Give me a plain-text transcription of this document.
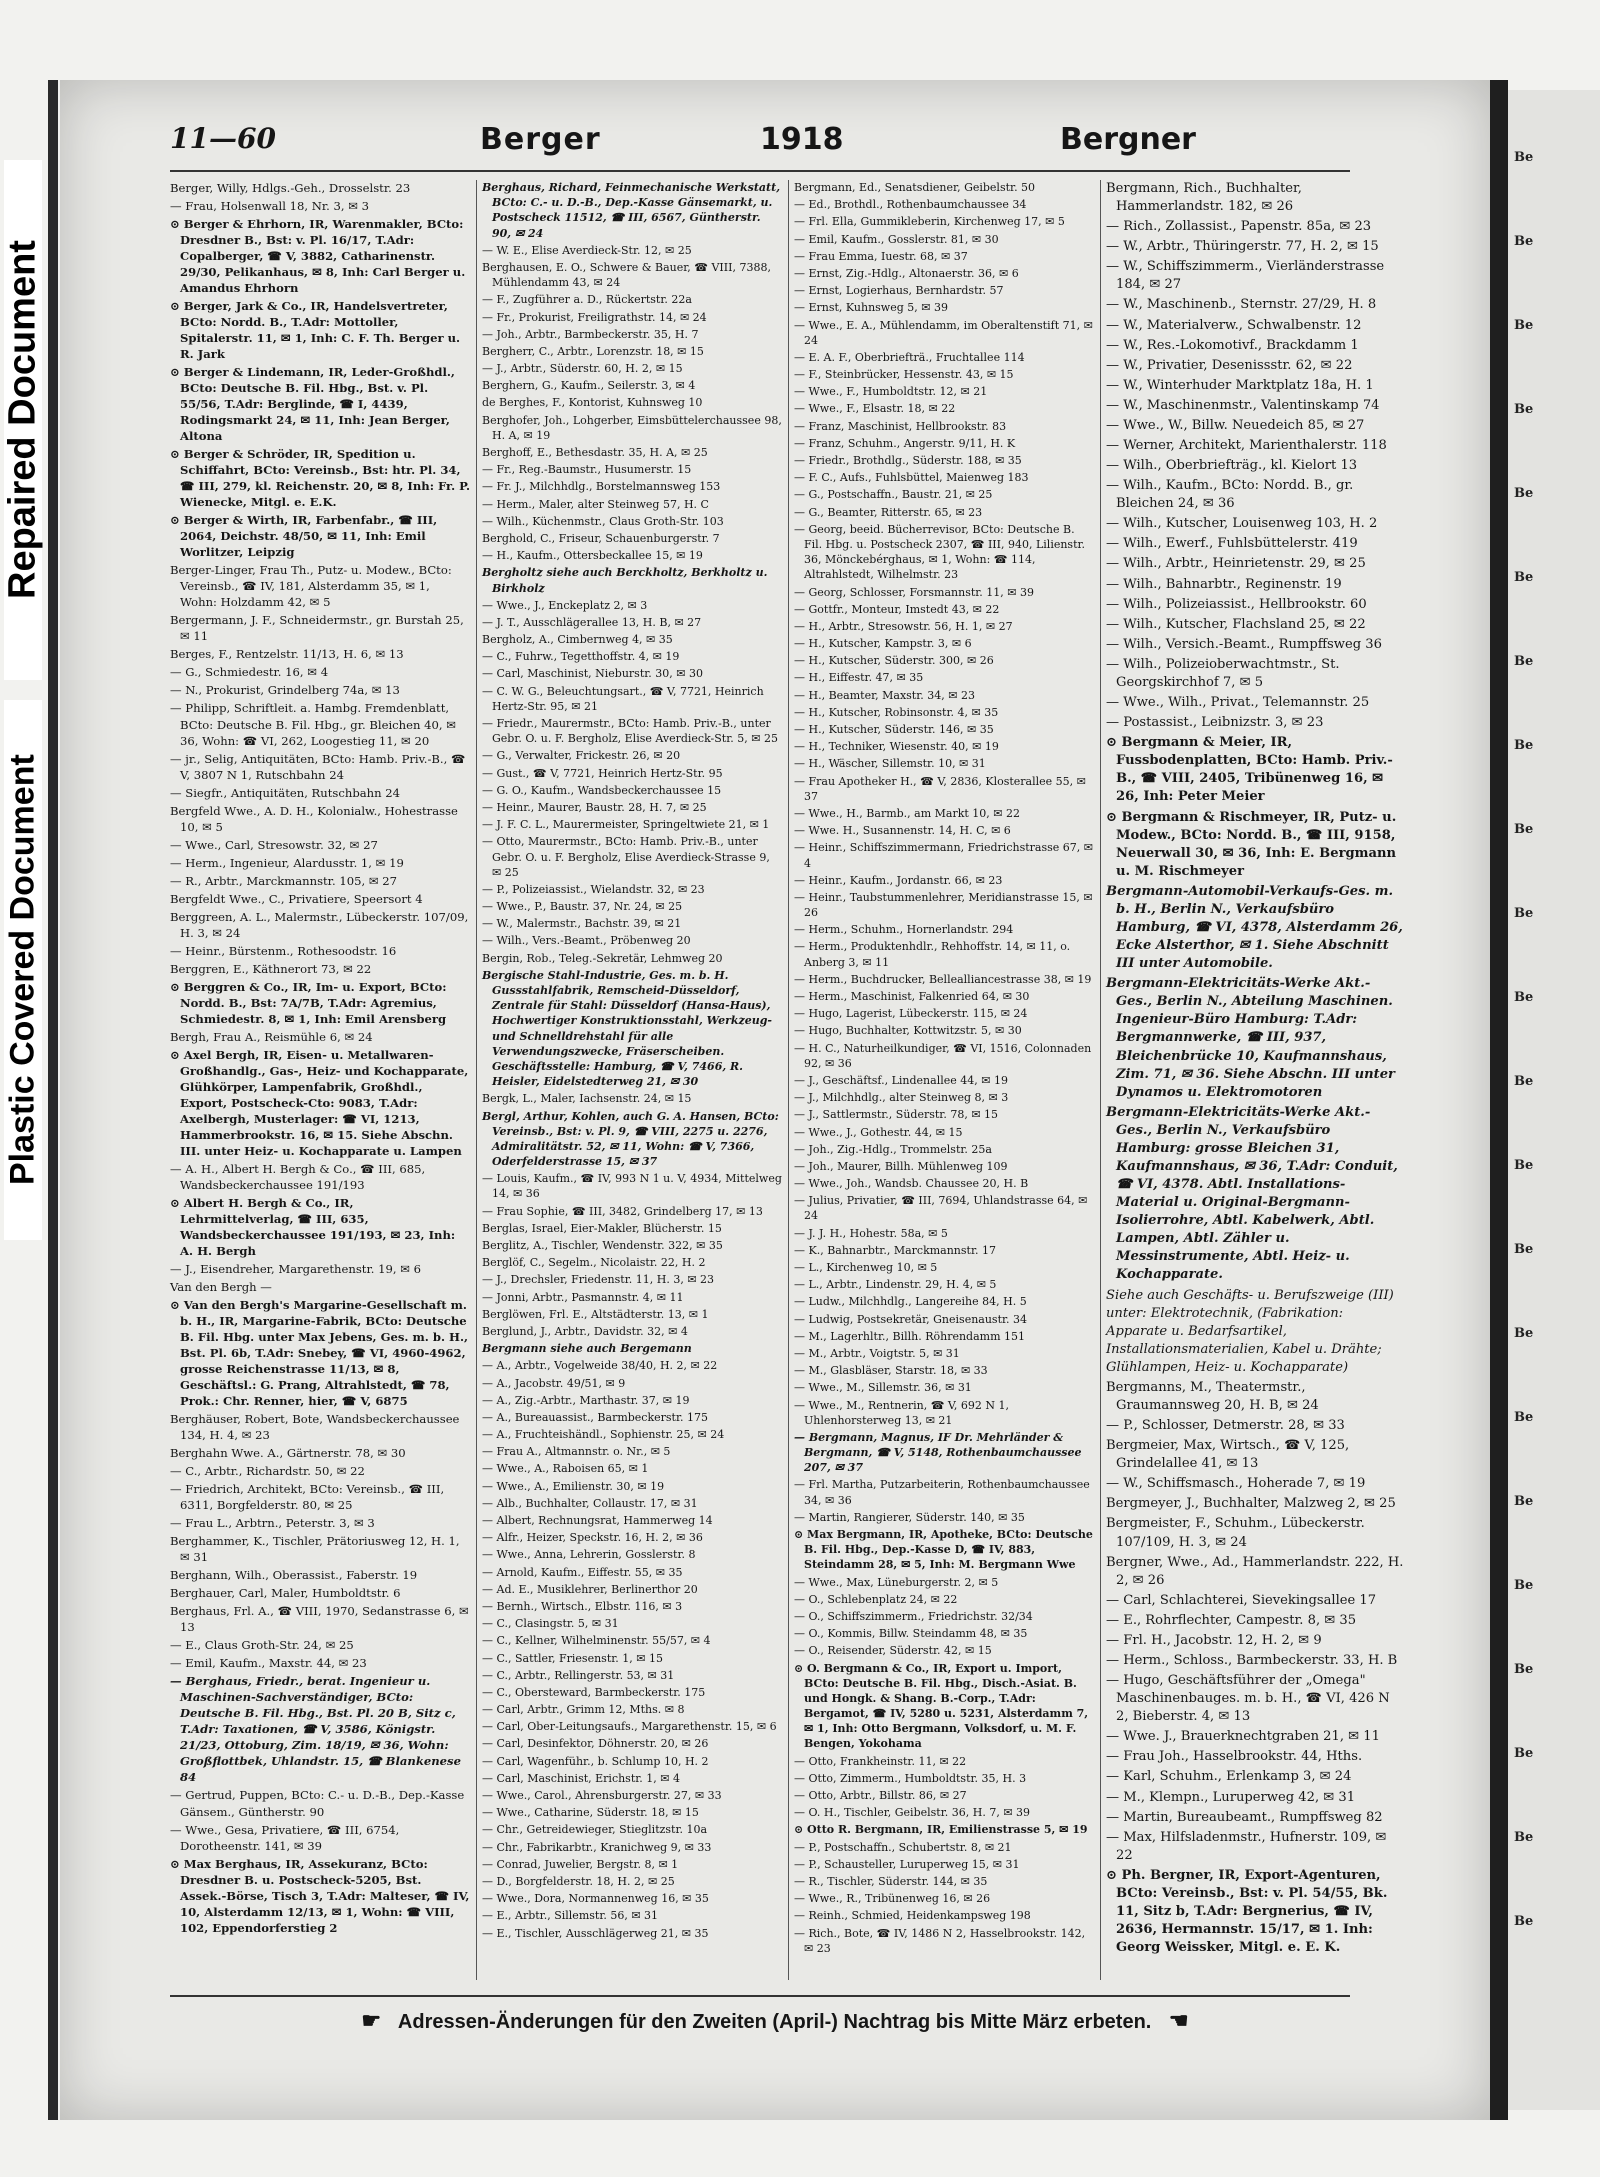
Repaired Document
Plastic Covered Document
11—60	Berger	1918	Bergner
Berger, Willy, Hdlgs.-Geh., Drosselstr. 23
— Frau, Holsenwall 18, Nr. 3, ✉ 3
⊙ Berger & Ehrhorn, IR, Warenmakler, BCto: Dresdner B., Bst: v. Pl. 16/17, T.Adr: Copalberger, ☎ V, 3882, Catharinenstr. 29/30, Pelikanhaus, ✉ 8, Inh: Carl Berger u. Amandus Ehrhorn
⊙ Berger, Jark & Co., IR, Handelsvertreter, BCto: Nordd. B., T.Adr: Mottoller, Spitalerstr. 11, ✉ 1, Inh: C. F. Th. Berger u. R. Jark
⊙ Berger & Lindemann, IR, Leder-Großhdl., BCto: Deutsche B. Fil. Hbg., Bst. v. Pl. 55/56, T.Adr: Berglinde, ☎ I, 4439, Rodingsmarkt 24, ✉ 11, Inh: Jean Berger, Altona
⊙ Berger & Schröder, IR, Spedition u. Schiffahrt, BCto: Vereinsb., Bst: htr. Pl. 34, ☎ III, 279, kl. Reichenstr. 20, ✉ 8, Inh: Fr. P. Wienecke, Mitgl. e. E.K.
⊙ Berger & Wirth, IR, Farbenfabr., ☎ III, 2064, Deichstr. 48/50, ✉ 11, Inh: Emil Worlitzer, Leipzig
Berger-Linger, Frau Th., Putz- u. Modew., BCto: Vereinsb., ☎ IV, 181, Alsterdamm 35, ✉ 1, Wohn: Holzdamm 42, ✉ 5
Bergermann, J. F., Schneidermstr., gr. Burstah 25, ✉ 11
Berges, F., Rentzelstr. 11/13, H. 6, ✉ 13
— G., Schmiedestr. 16, ✉ 4
— N., Prokurist, Grindelberg 74a, ✉ 13
— Philipp, Schriftleit. a. Hambg. Fremdenblatt, BCto: Deutsche B. Fil. Hbg., gr. Bleichen 40, ✉ 36, Wohn: ☎ VI, 262, Loogestieg 11, ✉ 20
— jr., Selig, Antiquitäten, BCto: Hamb. Priv.-B., ☎ V, 3807 N 1, Rutschbahn 24
— Siegfr., Antiquitäten, Rutschbahn 24
Bergfeld Wwe., A. D. H., Kolonialw., Hohestrasse 10, ✉ 5
— Wwe., Carl, Stresowstr. 32, ✉ 27
— Herm., Ingenieur, Alardusstr. 1, ✉ 19
— R., Arbtr., Marckmannstr. 105, ✉ 27
Bergfeldt Wwe., C., Privatiere, Speersort 4
Berggreen, A. L., Malermstr., Lübeckerstr. 107/09, H. 3, ✉ 24
— Heinr., Bürstenm., Rothesoodstr. 16
Berggren, E., Käthnerort 73, ✉ 22
⊙ Berggren & Co., IR, Im- u. Export, BCto: Nordd. B., Bst: 7A/7B, T.Adr: Agremius, Schmiedestr. 8, ✉ 1, Inh: Emil Arensberg
Bergh, Frau A., Reismühle 6, ✉ 24
⊙ Axel Bergh, IR, Eisen- u. Metallwaren-Großhandlg., Gas-, Heiz- und Kochapparate, Glühkörper, Lampenfabrik, Großhdl., Export, Postscheck-Cto: 9083, T.Adr: Axelbergh, Musterlager: ☎ VI, 1213, Hammerbrookstr. 16, ✉ 15. Siehe Abschn. III. unter Heiz- u. Kochapparate u. Lampen
— A. H., Albert H. Bergh & Co., ☎ III, 685, Wandsbeckerchaussee 191/193
⊙ Albert H. Bergh & Co., IR, Lehrmittelverlag, ☎ III, 635, Wandsbeckerchaussee 191/193, ✉ 23, Inh: A. H. Bergh
— J., Eisendreher, Margarethenstr. 19, ✉ 6
Van den Bergh —
⊙ Van den Bergh's Margarine-Gesellschaft m. b. H., IR, Margarine-Fabrik, BCto: Deutsche B. Fil. Hbg. unter Max Jebens, Ges. m. b. H., Bst. Pl. 6b, T.Adr: Snebey, ☎ VI, 4960-4962, grosse Reichenstrasse 11/13, ✉ 8, Geschäftsl.: G. Prang, Altrahlstedt, ☎ 78, Prok.: Chr. Renner, hier, ☎ V, 6875
Berghäuser, Robert, Bote, Wandsbeckerchaussee 134, H. 4, ✉ 23
Berghahn Wwe. A., Gärtnerstr. 78, ✉ 30
— C., Arbtr., Richardstr. 50, ✉ 22
— Friedrich, Architekt, BCto: Vereinsb., ☎ III, 6311, Borgfelderstr. 80, ✉ 25
— Frau L., Arbtrn., Peterstr. 3, ✉ 3
Berghammer, K., Tischler, Prätoriusweg 12, H. 1, ✉ 31
Berghann, Wilh., Oberassist., Faberstr. 19
Berghauer, Carl, Maler, Humboldtstr. 6
Berghaus, Frl. A., ☎ VIII, 1970, Sedanstrasse 6, ✉ 13
— E., Claus Groth-Str. 24, ✉ 25
— Emil, Kaufm., Maxstr. 44, ✉ 23
— Berghaus, Friedr., berat. Ingenieur u. Maschinen-Sachverständiger, BCto: Deutsche B. Fil. Hbg., Bst. Pl. 20 B, Sitz c, T.Adr: Taxationen, ☎ V, 3586, Königstr. 21/23, Ottoburg, Zim. 18/19, ✉ 36, Wohn: Großflottbek, Uhlandstr. 15, ☎ Blankenese 84
— Gertrud, Puppen, BCto: C.- u. D.-B., Dep.-Kasse Gänsem., Güntherstr. 90
— Wwe., Gesa, Privatiere, ☎ III, 6754, Dorotheenstr. 141, ✉ 39
⊙ Max Berghaus, IR, Assekuranz, BCto: Dresdner B. u. Postscheck-5205, Bst. Assek.-Börse, Tisch 3, T.Adr: Malteser, ☎ IV, 10, Alsterdamm 12/13, ✉ 1, Wohn: ☎ VIII, 102, Eppendorferstieg 2
Berghaus, Richard, Feinmechanische Werkstatt, BCto: C.- u. D.-B., Dep.-Kasse Gänsemarkt, u. Postscheck 11512, ☎ III, 6567, Güntherstr. 90, ✉ 24
— W. E., Elise Averdieck-Str. 12, ✉ 25
Berghausen, E. O., Schwere & Bauer, ☎ VIII, 7388, Mühlendamm 43, ✉ 24
— F., Zugführer a. D., Rückertstr. 22a
— Fr., Prokurist, Freiligrathstr. 14, ✉ 24
— Joh., Arbtr., Barmbeckerstr. 35, H. 7
Bergherr, C., Arbtr., Lorenzstr. 18, ✉ 15
— J., Arbtr., Süderstr. 60, H. 2, ✉ 15
Berghern, G., Kaufm., Seilerstr. 3, ✉ 4
de Berghes, F., Kontorist, Kuhnsweg 10
Berghofer, Joh., Lohgerber, Eimsbüttelerchaussee 98, H. A, ✉ 19
Berghoff, E., Bethesdastr. 35, H. A, ✉ 25
— Fr., Reg.-Baumstr., Husumerstr. 15
— Fr. J., Milchhdlg., Borstelmannsweg 153
— Herm., Maler, alter Steinweg 57, H. C
— Wilh., Küchenmstr., Claus Groth-Str. 103
Berghold, C., Friseur, Schauenburgerstr. 7
— H., Kaufm., Ottersbeckallee 15, ✉ 19
Bergholtz siehe auch Berckholtz, Berkholtz u. Birkholz
— Wwe., J., Enckeplatz 2, ✉ 3
— J. T., Ausschlägerallee 13, H. B, ✉ 27
Bergholz, A., Cimbernweg 4, ✉ 35
— C., Fuhrw., Tegetthoffstr. 4, ✉ 19
— Carl, Maschinist, Nieburstr. 30, ✉ 30
— C. W. G., Beleuchtungsart., ☎ V, 7721, Heinrich Hertz-Str. 95, ✉ 21
— Friedr., Maurermstr., BCto: Hamb. Priv.-B., unter Gebr. O. u. F. Bergholz, Elise Averdieck-Str. 5, ✉ 25
— G., Verwalter, Frickestr. 26, ✉ 20
— Gust., ☎ V, 7721, Heinrich Hertz-Str. 95
— G. O., Kaufm., Wandsbeckerchaussee 15
— Heinr., Maurer, Baustr. 28, H. 7, ✉ 25
— J. F. C. L., Maurermeister, Springeltwiete 21, ✉ 1
— Otto, Maurermstr., BCto: Hamb. Priv.-B., unter Gebr. O. u. F. Bergholz, Elise Averdieck-Strasse 9, ✉ 25
— P., Polizeiassist., Wielandstr. 32, ✉ 23
— Wwe., P., Baustr. 37, Nr. 24, ✉ 25
— W., Malermstr., Bachstr. 39, ✉ 21
— Wilh., Vers.-Beamt., Pröbenweg 20
Bergin, Rob., Teleg.-Sekretär, Lehmweg 20
Bergische Stahl-Industrie, Ges. m. b. H. Gussstahlfabrik, Remscheid-Düsseldorf, Zentrale für Stahl: Düsseldorf (Hansa-Haus), Hochwertiger Konstruktionsstahl, Werkzeug- und Schnelldrehstahl für alle Verwendungszwecke, Fräserscheiben. Geschäftsstelle: Hamburg, ☎ V, 7466, R. Heisler, Eidelstedterweg 21, ✉ 30
Bergk, L., Maler, Iachsenstr. 24, ✉ 15
Bergl, Arthur, Kohlen, auch G. A. Hansen, BCto: Vereinsb., Bst: v. Pl. 9, ☎ VIII, 2275 u. 2276, Admiralitätstr. 52, ✉ 11, Wohn: ☎ V, 7366, Oderfelderstrasse 15, ✉ 37
— Louis, Kaufm., ☎ IV, 993 N 1 u. V, 4934, Mittelweg 14, ✉ 36
— Frau Sophie, ☎ III, 3482, Grindelberg 17, ✉ 13
Berglas, Israel, Eier-Makler, Blücherstr. 15
Berglitz, A., Tischler, Wendenstr. 322, ✉ 35
Berglöf, C., Segelm., Nicolaistr. 22, H. 2
— J., Drechsler, Friedenstr. 11, H. 3, ✉ 23
— Jonni, Arbtr., Pasmannstr. 4, ✉ 11
Berglöwen, Frl. E., Altstädterstr. 13, ✉ 1
Berglund, J., Arbtr., Davidstr. 32, ✉ 4
Bergmann siehe auch Bergemann
— A., Arbtr., Vogelweide 38/40, H. 2, ✉ 22
— A., Jacobstr. 49/51, ✉ 9
— A., Zig.-Arbtr., Marthastr. 37, ✉ 19
— A., Bureauassist., Barmbeckerstr. 175
— A., Fruchteishändl., Sophienstr. 25, ✉ 24
— Frau A., Altmannstr. o. Nr., ✉ 5
— Wwe., A., Raboisen 65, ✉ 1
— Wwe., A., Emilienstr. 30, ✉ 19
— Alb., Buchhalter, Collaustr. 17, ✉ 31
— Albert, Rechnungsrat, Hammerweg 14
— Alfr., Heizer, Speckstr. 16, H. 2, ✉ 36
— Wwe., Anna, Lehrerin, Gosslerstr. 8
— Arnold, Kaufm., Eiffestr. 55, ✉ 35
— Ad. E., Musiklehrer, Berlinerthor 20
— Bernh., Wirtsch., Elbstr. 116, ✉ 3
— C., Clasingstr. 5, ✉ 31
— C., Kellner, Wilhelminenstr. 55/57, ✉ 4
— C., Sattler, Friesenstr. 1, ✉ 15
— C., Arbtr., Rellingerstr. 53, ✉ 31
— C., Obersteward, Barmbeckerstr. 175
— Carl, Arbtr., Grimm 12, Mths. ✉ 8
— Carl, Ober-Leitungsaufs., Margarethenstr. 15, ✉ 6
— Carl, Desinfektor, Döhnerstr. 20, ✉ 26
— Carl, Wagenführ., b. Schlump 10, H. 2
— Carl, Maschinist, Erichstr. 1, ✉ 4
— Wwe., Carol., Ahrensburgerstr. 27, ✉ 33
— Wwe., Catharine, Süderstr. 18, ✉ 15
— Chr., Getreidewieger, Stieglitzstr. 10a
— Chr., Fabrikarbtr., Kranichweg 9, ✉ 33
— Conrad, Juwelier, Bergstr. 8, ✉ 1
— D., Borgfelderstr. 18, H. 2, ✉ 25
— Wwe., Dora, Normannenweg 16, ✉ 35
— E., Arbtr., Sillemstr. 56, ✉ 31
— E., Tischler, Ausschlägerweg 21, ✉ 35
Bergmann, Ed., Senatsdiener, Geibelstr. 50
— Ed., Brothdl., Rothenbaumchaussee 34
— Frl. Ella, Gummikleberin, Kirchenweg 17, ✉ 5
— Emil, Kaufm., Gosslerstr. 81, ✉ 30
— Frau Emma, Iuestr. 68, ✉ 37
— Ernst, Zig.-Hdlg., Altonaerstr. 36, ✉ 6
— Ernst, Logierhaus, Bernhardstr. 57
— Ernst, Kuhnsweg 5, ✉ 39
— Wwe., E. A., Mühlendamm, im Oberaltenstift 71, ✉ 24
— E. A. F., Oberbriefträ., Fruchtallee 114
— F., Steinbrücker, Hessenstr. 43, ✉ 15
— Wwe., F., Humboldtstr. 12, ✉ 21
— Wwe., F., Elsastr. 18, ✉ 22
— Franz, Maschinist, Hellbrookstr. 83
— Franz, Schuhm., Angerstr. 9/11, H. K
— Friedr., Brothdlg., Süderstr. 188, ✉ 35
— F. C., Aufs., Fuhlsbüttel, Maienweg 183
— G., Postschaffn., Baustr. 21, ✉ 25
— G., Beamter, Ritterstr. 65, ✉ 23
— Georg, beeid. Bücherrevisor, BCto: Deutsche B. Fil. Hbg. u. Postscheck 2307, ☎ III, 940, Lilienstr. 36, Mönckebérghaus, ✉ 1, Wohn: ☎ 114, Altrahlstedt, Wilhelmstr. 23
— Georg, Schlosser, Forsmannstr. 11, ✉ 39
— Gottfr., Monteur, Imstedt 43, ✉ 22
— H., Arbtr., Stresowstr. 56, H. 1, ✉ 27
— H., Kutscher, Kampstr. 3, ✉ 6
— H., Kutscher, Süderstr. 300, ✉ 26
— H., Eiffestr. 47, ✉ 35
— H., Beamter, Maxstr. 34, ✉ 23
— H., Kutscher, Robinsonstr. 4, ✉ 35
— H., Kutscher, Süderstr. 146, ✉ 35
— H., Techniker, Wiesenstr. 40, ✉ 19
— H., Wäscher, Sillemstr. 10, ✉ 31
— Frau Apotheker H., ☎ V, 2836, Klosterallee 55, ✉ 37
— Wwe., H., Barmb., am Markt 10, ✉ 22
— Wwe. H., Susannenstr. 14, H. C, ✉ 6
— Heinr., Schiffszimmermann, Friedrichstrasse 67, ✉ 4
— Heinr., Kaufm., Jordanstr. 66, ✉ 23
— Heinr., Taubstummenlehrer, Meridianstrasse 15, ✉ 26
— Herm., Schuhm., Hornerlandstr. 294
— Herm., Produktenhdlr., Rehhoffstr. 14, ✉ 11, o. Anberg 3, ✉ 11
— Herm., Buchdrucker, Bellealliancestrasse 38, ✉ 19
— Herm., Maschinist, Falkenried 64, ✉ 30
— Hugo, Lagerist, Lübeckerstr. 115, ✉ 24
— Hugo, Buchhalter, Kottwitzstr. 5, ✉ 30
— H. C., Naturheilkundiger, ☎ VI, 1516, Colonnaden 92, ✉ 36
— J., Geschäftsf., Lindenallee 44, ✉ 19
— J., Milchhdlg., alter Steinweg 8, ✉ 3
— J., Sattlermstr., Süderstr. 78, ✉ 15
— Wwe., J., Gothestr. 44, ✉ 15
— Joh., Zig.-Hdlg., Trommelstr. 25a
— Joh., Maurer, Billh. Mühlenweg 109
— Wwe., Joh., Wandsb. Chaussee 20, H. B
— Julius, Privatier, ☎ III, 7694, Uhlandstrasse 64, ✉ 24
— J. J. H., Hohestr. 58a, ✉ 5
— K., Bahnarbtr., Marckmannstr. 17
— L., Kirchenweg 10, ✉ 5
— L., Arbtr., Lindenstr. 29, H. 4, ✉ 5
— Ludw., Milchhdlg., Langereihe 84, H. 5
— Ludwig, Postsekretär, Gneisenaustr. 34
— M., Lagerhltr., Billh. Röhrendamm 151
— M., Arbtr., Voigtstr. 5, ✉ 31
— M., Glasbläser, Starstr. 18, ✉ 33
— Wwe., M., Sillemstr. 36, ✉ 31
— Wwe., M., Rentnerin, ☎ V, 692 N 1, Uhlenhorsterweg 13, ✉ 21
— Bergmann, Magnus, IF Dr. Mehrländer & Bergmann, ☎ V, 5148, Rothenbaumchaussee 207, ✉ 37
— Frl. Martha, Putzarbeiterin, Rothenbaumchaussee 34, ✉ 36
— Martin, Rangierer, Süderstr. 140, ✉ 35
⊙ Max Bergmann, IR, Apotheke, BCto: Deutsche B. Fil. Hbg., Dep.-Kasse D, ☎ IV, 883, Steindamm 28, ✉ 5, Inh: M. Bergmann Wwe
— Wwe., Max, Lüneburgerstr. 2, ✉ 5
— O., Schlebenplatz 24, ✉ 22
— O., Schiffszimmerm., Friedrichstr. 32/34
— O., Kommis, Billw. Steindamm 48, ✉ 35
— O., Reisender, Süderstr. 42, ✉ 15
⊙ O. Bergmann & Co., IR, Export u. Import, BCto: Deutsche B. Fil. Hbg., Disch.-Asiat. B. und Hongk. & Shang. B.-Corp., T.Adr: Bergamot, ☎ IV, 5280 u. 5231, Alsterdamm 7, ✉ 1, Inh: Otto Bergmann, Volksdorf, u. M. F. Bengen, Yokohama
— Otto, Frankheinstr. 11, ✉ 22
— Otto, Zimmerm., Humboldtstr. 35, H. 3
— Otto, Arbtr., Billstr. 86, ✉ 27
— O. H., Tischler, Geibelstr. 36, H. 7, ✉ 39
⊙ Otto R. Bergmann, IR, Emilienstrasse 5, ✉ 19
— P., Postschaffn., Schubertstr. 8, ✉ 21
— P., Schausteller, Luruperweg 15, ✉ 31
— R., Tischler, Süderstr. 144, ✉ 35
— Wwe., R., Tribünenweg 16, ✉ 26
— Reinh., Schmied, Heidenkampsweg 198
— Rich., Bote, ☎ IV, 1486 N 2, Hasselbrookstr. 142, ✉ 23
Bergmann, Rich., Buchhalter, Hammerlandstr. 182, ✉ 26
— Rich., Zollassist., Papenstr. 85a, ✉ 23
— W., Arbtr., Thüringerstr. 77, H. 2, ✉ 15
— W., Schiffszimmerm., Vierländerstrasse 184, ✉ 27
— W., Maschinenb., Sternstr. 27/29, H. 8
— W., Materialverw., Schwalbenstr. 12
— W., Res.-Lokomotivf., Brackdamm 1
— W., Privatier, Desenissstr. 62, ✉ 22
— W., Winterhuder Marktplatz 18a, H. 1
— W., Maschinenmstr., Valentinskamp 74
— Wwe., W., Billw. Neuedeich 85, ✉ 27
— Werner, Architekt, Marienthalerstr. 118
— Wilh., Oberbriefträg., kl. Kielort 13
— Wilh., Kaufm., BCto: Nordd. B., gr. Bleichen 24, ✉ 36
— Wilh., Kutscher, Louisenweg 103, H. 2
— Wilh., Ewerf., Fuhlsbüttelerstr. 419
— Wilh., Arbtr., Heinrietenstr. 29, ✉ 25
— Wilh., Bahnarbtr., Reginenstr. 19
— Wilh., Polizeiassist., Hellbrookstr. 60
— Wilh., Kutscher, Flachsland 25, ✉ 22
— Wilh., Versich.-Beamt., Rumpffsweg 36
— Wilh., Polizeioberwachtmstr., St. Georgskirchhof 7, ✉ 5
— Wwe., Wilh., Privat., Telemannstr. 25
— Postassist., Leibnizstr. 3, ✉ 23
⊙ Bergmann & Meier, IR, Fussbodenplatten, BCto: Hamb. Priv.-B., ☎ VIII, 2405, Tribünenweg 16, ✉ 26, Inh: Peter Meier
⊙ Bergmann & Rischmeyer, IR, Putz- u. Modew., BCto: Nordd. B., ☎ III, 9158, Neuerwall 30, ✉ 36, Inh: E. Bergmann u. M. Rischmeyer
Bergmann-Automobil-Verkaufs-Ges. m. b. H., Berlin N., Verkaufsbüro Hamburg, ☎ VI, 4378, Alsterdamm 26, Ecke Alsterthor, ✉ 1. Siehe Abschnitt III unter Automobile.
Bergmann-Elektricitäts-Werke Akt.-Ges., Berlin N., Abteilung Maschinen. Ingenieur-Büro Hamburg: T.Adr: Bergmannwerke, ☎ III, 937, Bleichenbrücke 10, Kaufmannshaus, Zim. 71, ✉ 36. Siehe Abschn. III unter Dynamos u. Elektromotoren
Bergmann-Elektricitäts-Werke Akt.-Ges., Berlin N., Verkaufsbüro Hamburg: grosse Bleichen 31, Kaufmannshaus, ✉ 36, T.Adr: Conduit, ☎ VI, 4378. Abtl. Installations-Material u. Original-Bergmann-Isolierrohre, Abtl. Kabelwerk, Abtl. Lampen, Abtl. Zähler u. Messinstrumente, Abtl. Heiz- u. Kochapparate.
Siehe auch Geschäfts- u. Berufszweige (III) unter: Elektrotechnik, (Fabrikation: Apparate u. Bedarfsartikel, Installationsmaterialien, Kabel u. Drähte; Glühlampen, Heiz- u. Kochapparate)
Bergmanns, M., Theatermstr., Graumannsweg 20, H. B, ✉ 24
— P., Schlosser, Detmerstr. 28, ✉ 33
Bergmeier, Max, Wirtsch., ☎ V, 125, Grindelallee 41, ✉ 13
— W., Schiffsmasch., Hoherade 7, ✉ 19
Bergmeyer, J., Buchhalter, Malzweg 2, ✉ 25
Bergmeister, F., Schuhm., Lübeckerstr. 107/109, H. 3, ✉ 24
Bergner, Wwe., Ad., Hammerlandstr. 222, H. 2, ✉ 26
— Carl, Schlachterei, Sievekingsallee 17
— E., Rohrflechter, Campestr. 8, ✉ 35
— Frl. H., Jacobstr. 12, H. 2, ✉ 9
— Herm., Schloss., Barmbeckerstr. 33, H. B
— Hugo, Geschäftsführer der „Omega" Maschinenbauges. m. b. H., ☎ VI, 426 N 2, Bieberstr. 4, ✉ 13
— Wwe. J., Brauerknechtgraben 21, ✉ 11
— Frau Joh., Hasselbrookstr. 44, Hths.
— Karl, Schuhm., Erlenkamp 3, ✉ 24
— M., Klempn., Luruperweg 42, ✉ 31
— Martin, Bureaubeamt., Rumpffsweg 82
— Max, Hilfsladenmstr., Hufnerstr. 109, ✉ 22
⊙ Ph. Bergner, IR, Export-Agenturen, BCto: Vereinsb., Bst: v. Pl. 54/55, Bk. 11, Sitz b, T.Adr: Bergnerius, ☎ IV, 2636, Hermannstr. 15/17, ✉ 1. Inh: Georg Weissker, Mitgl. e. E. K.
☛ Adressen-Änderungen für den Zweiten (April-) Nachtrag bis Mitte März erbeten. ☚
Be
Be
Be
Be
Be
Be
Be
Be
Be
Be
Be
Be
Be
Be
Be
Be
Be
Be
Be
Be
Be
Be
